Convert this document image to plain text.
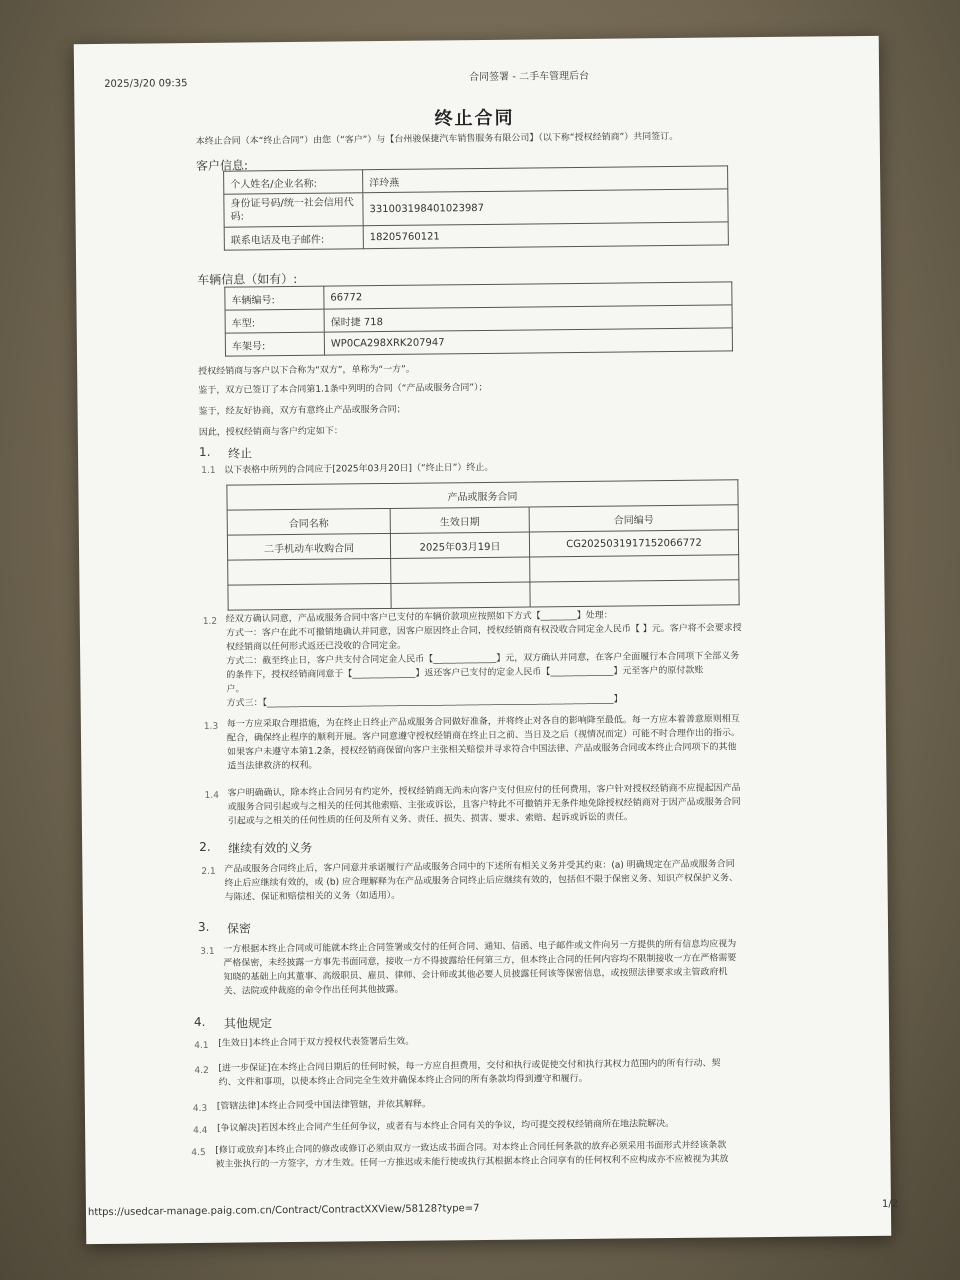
2025/3/20 09:35
合同签署 - 二手车管理后台
终止合同
本终止合同（本“终止合同”）由您（“客户”）与【台州骏保捷汽车销售服务有限公司】（以下称“授权经销商”）共同签订。
客户信息:
个人姓名/企业名称:	洋玲燕
身份证号码/统一社会信用代码:	331003198401023987
联系电话及电子邮件:	18205760121
车辆信息（如有）:
车辆编号:	66772
车型:	保时捷 718
车架号:	WP0CA298XRK207947
授权经销商与客户以下合称为“双方”，单称为“一方”。
鉴于，双方已签订了本合同第1.1条中列明的合同（“产品或服务合同”）；
鉴于，经友好协商，双方有意终止产品或服务合同；
因此，授权经销商与客户约定如下：
1. 终止
1.1 以下表格中所列的合同应于[2025年03月20日]（“终止日”）终止。
产品或服务合同		
合同名称	生效日期	合同编号
二手机动车收购合同	2025年03月19日	CG2025031917152066772

1.2 经双方确认同意，产品或服务合同中客户已支付的车辆价款项应按照如下方式【________】处理：
方式一：客户在此不可撤销地确认并同意，因客户原因终止合同，授权经销商有权没收合同定金人民币【 】元。客户将不会要求授
权经销商以任何形式返还已没收的合同定金。
方式二：截至终止日，客户共支付合同定金人民币【______________】元，双方确认并同意，在客户全面履行本合同项下全部义务
的条件下，授权经销商同意于【______________】返还客户已支付的定金人民币【______________】元至客户的原付款账
户。
方式三：【_____________________________________________________________________________】
1.3 每一方应采取合理措施，为在终止日终止产品或服务合同做好准备，并将终止对各自的影响降至最低。每一方应本着善意原则相互
配合，确保终止程序的顺利开展。客户同意遵守授权经销商在终止日之前、当日及之后（视情况而定）可能不时合理作出的指示。
如果客户未遵守本第1.2条，授权经销商保留向客户主张相关赔偿并寻求符合中国法律、产品或服务合同或本终止合同项下的其他
适当法律救济的权利。
1.4 客户明确确认，除本终止合同另有约定外，授权经销商无尚未向客户支付但应付的任何费用，客户针对授权经销商不应提起因产品
或服务合同引起或与之相关的任何其他索赔、主张或诉讼，且客户特此不可撤销并无条件地免除授权经销商对于因产品或服务合同
引起或与之相关的任何性质的任何及所有义务、责任、损失、损害、要求、索赔、起诉或诉讼的责任。
2. 继续有效的义务
2.1 产品或服务合同终止后，客户同意并承诺履行产品或服务合同中的下述所有相关义务并受其约束：(a) 明确规定在产品或服务合同
终止后应继续有效的，或 (b) 应合理解释为在产品或服务合同终止后应继续有效的，包括但不限于保密义务、知识产权保护义务、
与陈述、保证和赔偿相关的义务（如适用）。
3. 保密
3.1 一方根据本终止合同或可能就本终止合同签署或交付的任何合同、通知、信函、电子邮件或文件向另一方提供的所有信息均应视为
严格保密，未经披露一方事先书面同意，接收一方不得披露给任何第三方，但本终止合同的任何内容均不限制接收一方在严格需要
知晓的基础上向其董事、高级职员、雇员、律师、会计师或其他必要人员披露任何该等保密信息，或按照法律要求或主管政府机
关、法院或仲裁庭的命令作出任何其他披露。
4. 其他规定
4.1 [生效日]本终止合同于双方授权代表签署后生效。
4.2 [进一步保证]在本终止合同日期后的任何时候，每一方应自担费用，交付和执行或促使交付和执行其权力范围内的所有行动、契
约、文件和事项，以使本终止合同完全生效并确保本终止合同的所有条款均得到遵守和履行。
4.3 [管辖法律]本终止合同受中国法律管辖，并依其解释。
4.4 [争议解决]若因本终止合同产生任何争议，或者有与本终止合同有关的争议，均可提交授权经销商所在地法院解决。
4.5 [修订或放弃]本终止合同的修改或修订必须由双方一致达成书面合同。对本终止合同任何条款的放弃必须采用书面形式并经该条款
被主张执行的一方签字，方才生效。任何一方推迟或未能行使或执行其根据本终止合同享有的任何权利不应构成亦不应被视为其放
https://usedcar-manage.paig.com.cn/Contract/ContractXXView/58128?type=7	1/2
